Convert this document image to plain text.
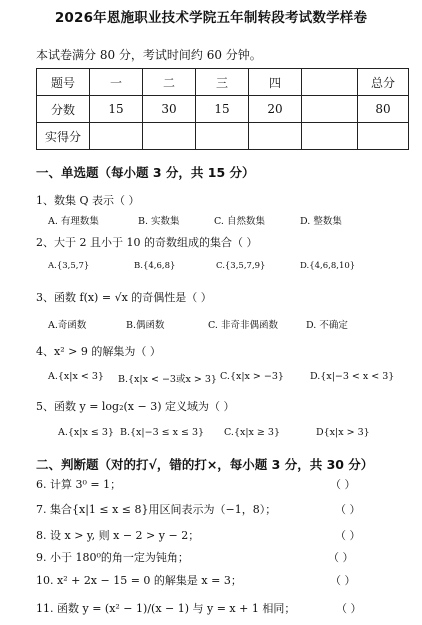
2026年恩施职业技术学院五年制转段考试数学样卷
本试卷满分 80 分，考试时间约 60 分钟。
题号	一	二	三	四		总分
分数	15	30	15	20		80
实得分						
一、单选题（每小题 3 分，共 15 分）
1、数集 Q 表示（ ）
A. 有理数集	B. 实数集	C. 自然数集	D. 整数集
2、大于 2 且小于 10 的奇数组成的集合（ ）
A.{3,5,7}	B.{4,6,8}	C.{3,5,7,9}	D.{4,6,8,10}
3、函数 f(x) = √x 的奇偶性是（ ）
A.奇函数	B.偶函数	C. 非奇非偶函数	D. 不确定
4、x² > 9 的解集为（ ）
A.{x|x < 3} B.{x|x < −3或x > 3} C.{x|x > −3}	D.{x|−3 < x < 3}
5、函数 y = log₂(x − 3) 定义域为（ ）
A.{x|x ≤ 3} B.{x|−3 ≤ x ≤ 3} C.{x|x ≥ 3}	D{x|x > 3}
二、判断题（对的打√，错的打×，每小题 3 分，共 30 分）
6. 计算 3⁰ = 1；	（ ）
7. 集合{x|1 ≤ x ≤ 8}用区间表示为（−1，8）；	（ ）
8. 设 x > y, 则 x − 2 > y − 2；	（ ）
9. 小于 180⁰的角一定为钝角；	（ ）
10. x² + 2x − 15 = 0 的解集是 x = 3；	（ ）
11. 函数 y = (x² − 1)/(x − 1) 与 y = x + 1 相同；	（ ）
